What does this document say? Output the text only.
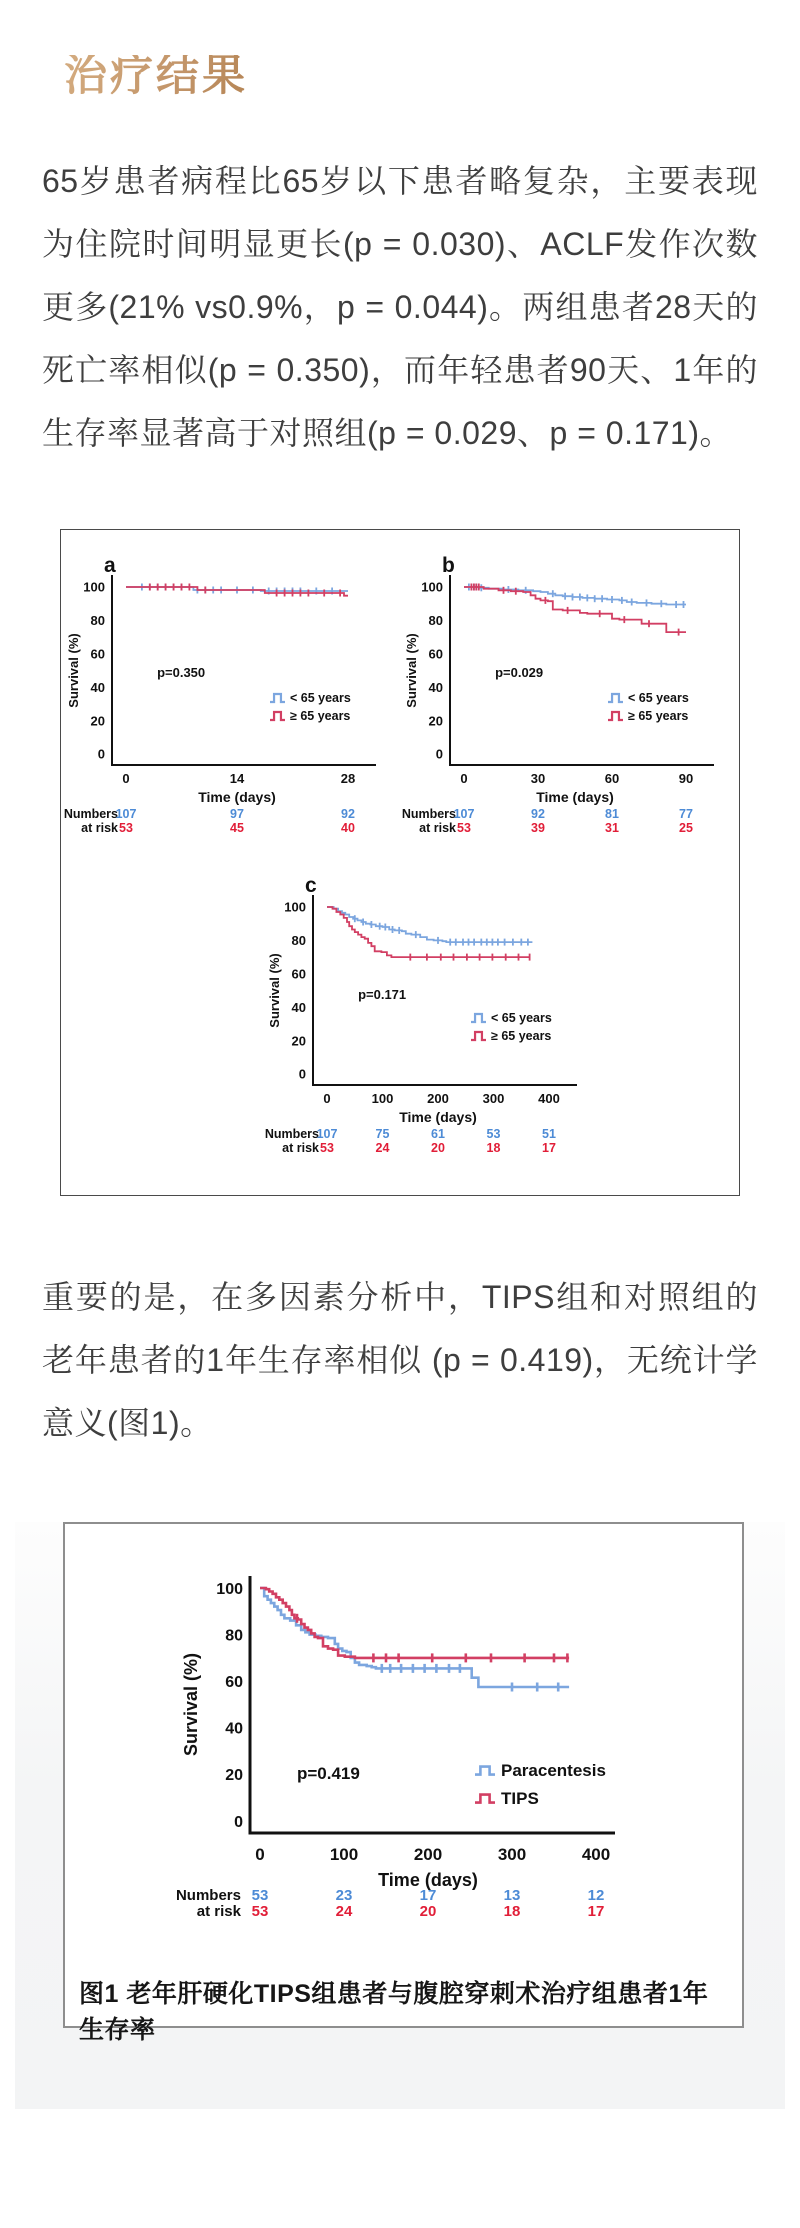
治疗结果

65岁患者病程比65岁以下患者略复杂，主要表现为住院时间明显更长(p = 0.030)、ACLF发作次数更多(21% vs0.9%，p = 0.044)。两组患者28天的死亡率相似(p = 0.350)，而年轻患者90天、1年的生存率显著高于对照组(p = 0.029、p = 0.171)。

a
0
20
40
60
80
100
Survival (%)
0	14	28
Time (days)
p=0.350
< 65 years
≥ 65 years
Numbers
at risk
107	97	92
53	45	40
b
0
20
40
60
80
100
Survival (%)
0	30	60	90
Time (days)
p=0.029
< 65 years
≥ 65 years
Numbers
at risk
107	92	81	77
53	39	31	25
c
0
20
40
60
80
100
Survival (%)
0	100	200	300	400
Time (days)
p=0.171
< 65 years
≥ 65 years
Numbers
at risk
107	75	61	53	51
53	24	20	18	17

重要的是，在多因素分析中，TIPS组和对照组的老年患者的1年生存率相似 (p = 0.419)，无统计学意义(图1)。

0
20
40
60
80
100
Survival (%)
0	100	200	300	400
Time (days)
p=0.419	Paracentesis
TIPS
Numbers
at risk
53	23	17	13	12
53	24	20	18	17
图1 老年肝硬化TIPS组患者与腹腔穿刺术治疗组患者1年生存率
